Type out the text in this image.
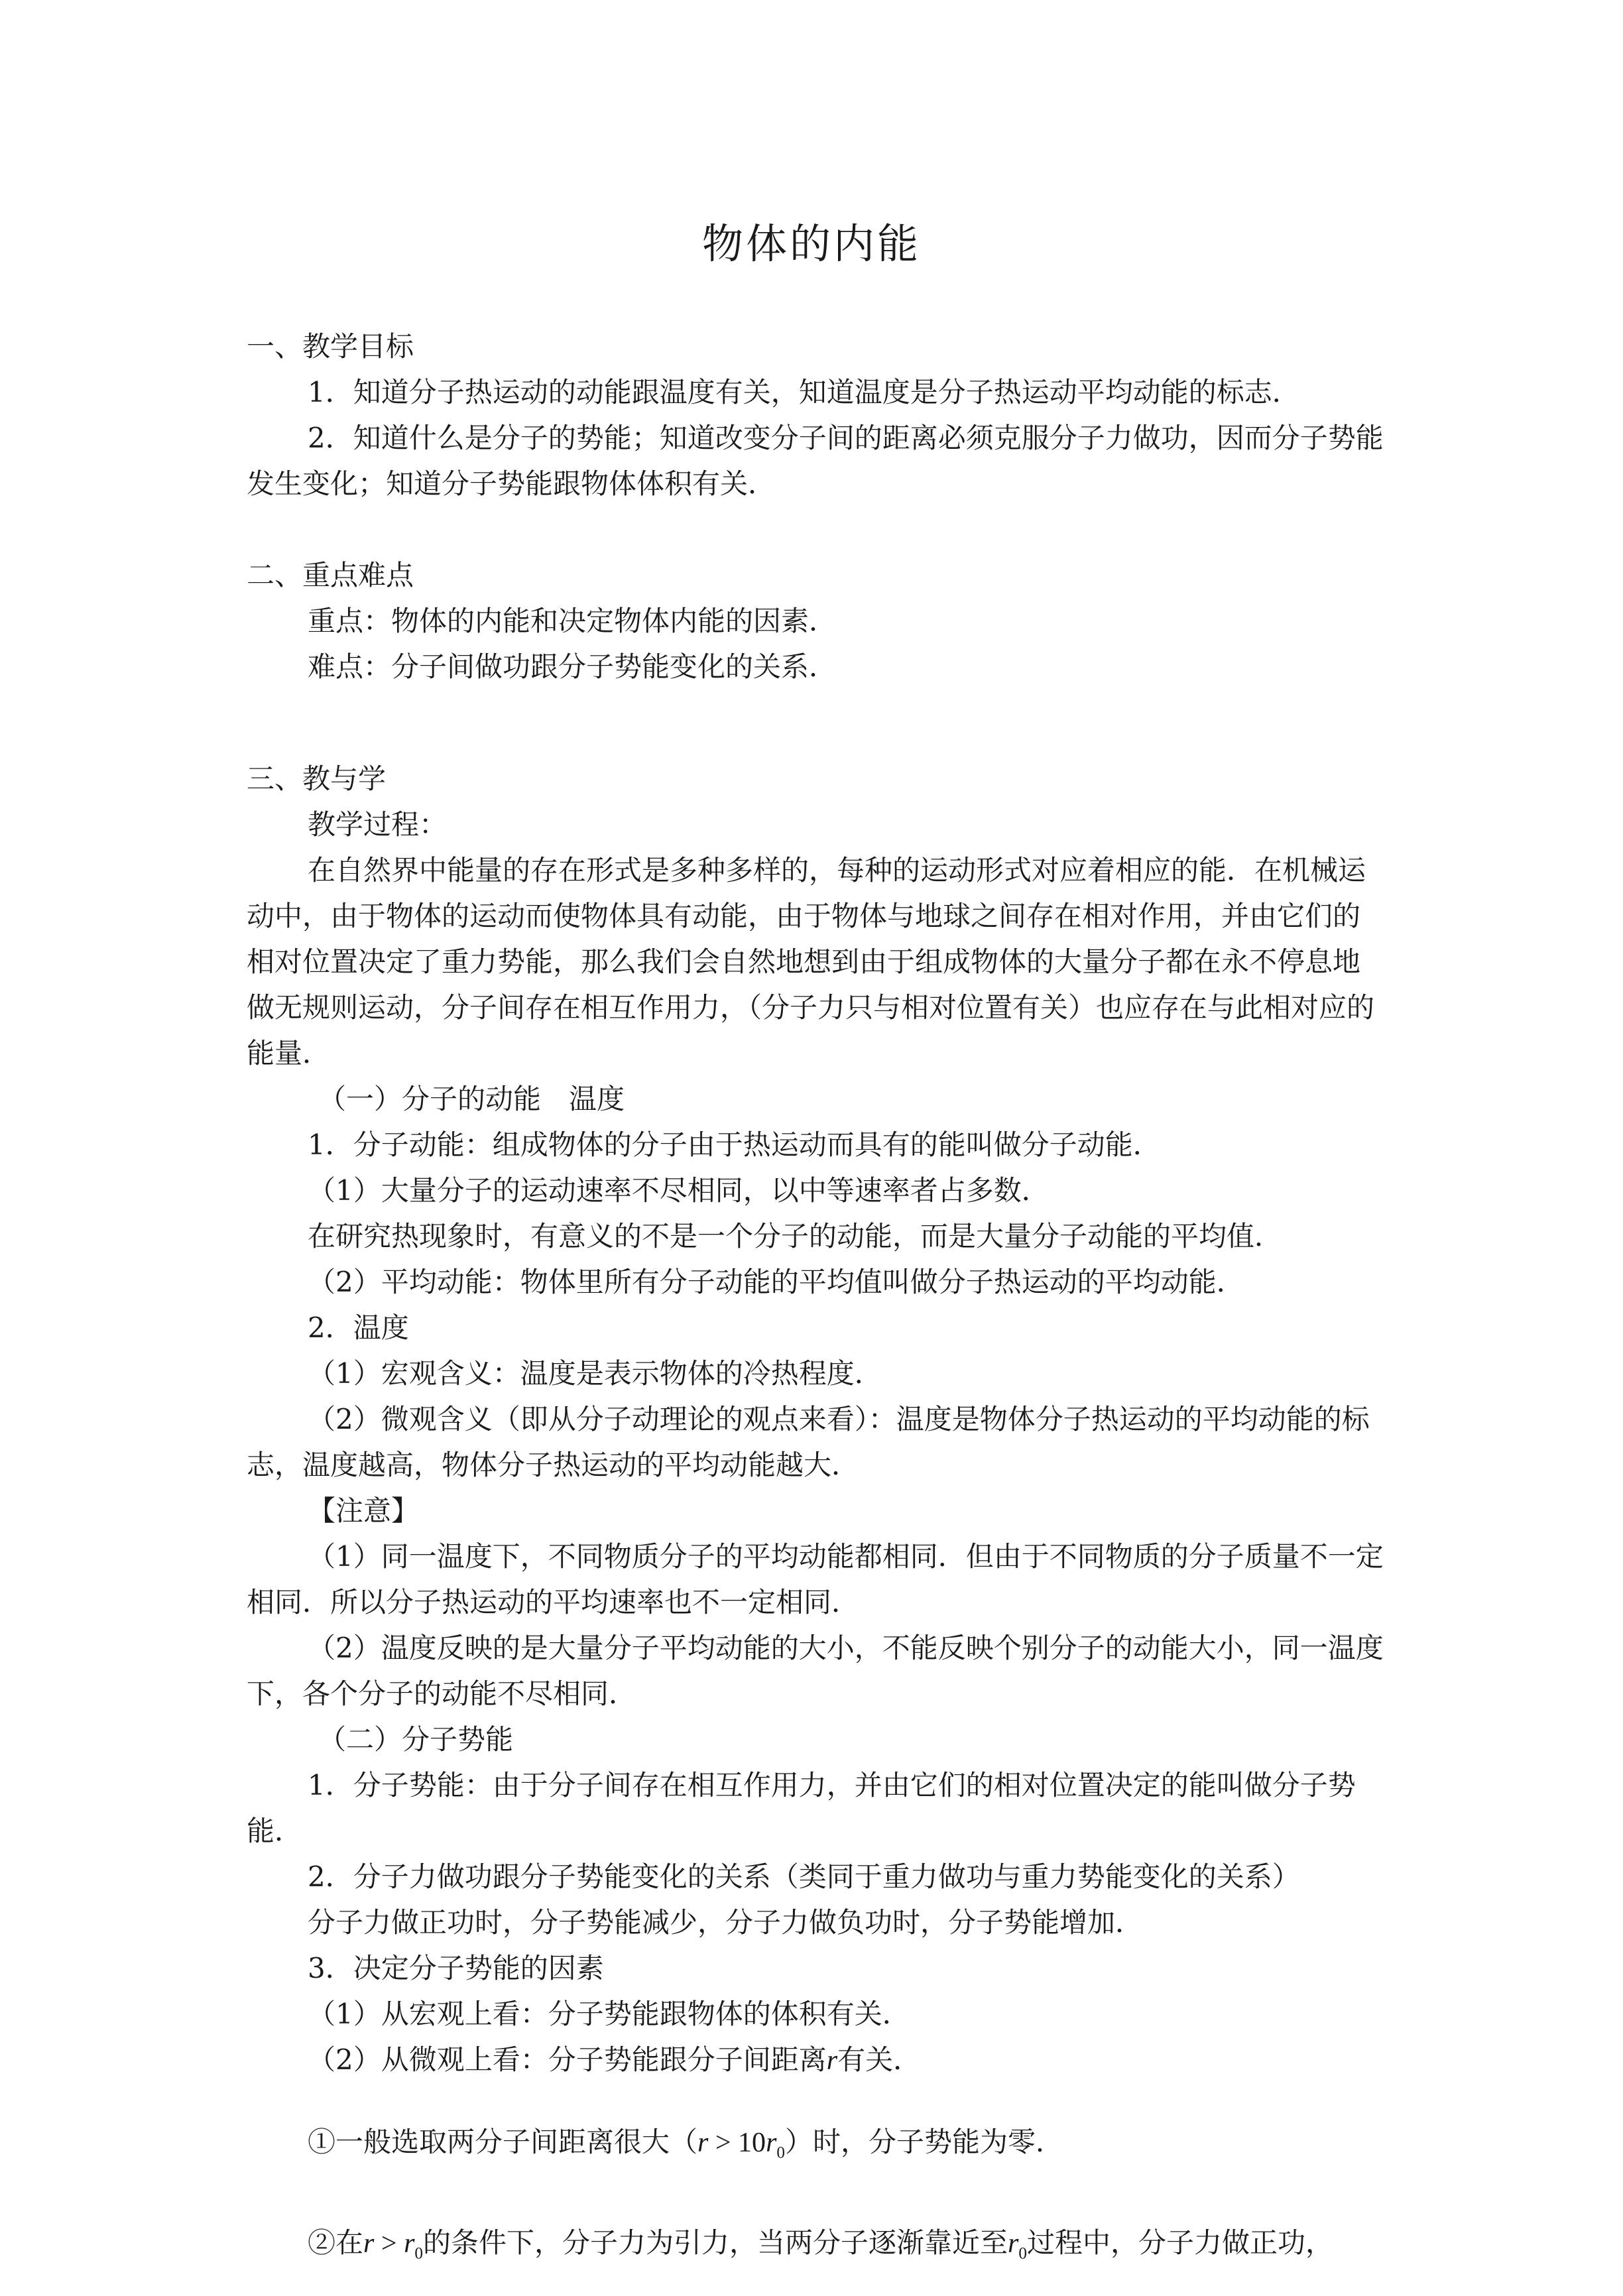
物体的内能

一、教学目标

1．知道分子热运动的动能跟温度有关，知道温度是分子热运动平均动能的标志．

2．知道什么是分子的势能；知道改变分子间的距离必须克服分子力做功，因而分子势能发生变化；知道分子势能跟物体体积有关．

二、重点难点

重点：物体的内能和决定物体内能的因素．

难点：分子间做功跟分子势能变化的关系．

三、教与学

教学过程：

在自然界中能量的存在形式是多种多样的，每种的运动形式对应着相应的能．在机械运动中，由于物体的运动而使物体具有动能，由于物体与地球之间存在相对作用，并由它们的相对位置决定了重力势能，那么我们会自然地想到由于组成物体的大量分子都在永不停息地做无规则运动，分子间存在相互作用力，（分子力只与相对位置有关）也应存在与此相对应的能量．

（一）分子的动能　温度

1．分子动能：组成物体的分子由于热运动而具有的能叫做分子动能．

（1）大量分子的运动速率不尽相同，以中等速率者占多数．

在研究热现象时，有意义的不是一个分子的动能，而是大量分子动能的平均值．

（2）平均动能：物体里所有分子动能的平均值叫做分子热运动的平均动能．

2．温度

（1）宏观含义：温度是表示物体的冷热程度．

（2）微观含义（即从分子动理论的观点来看）：温度是物体分子热运动的平均动能的标志，温度越高，物体分子热运动的平均动能越大．

【注意】

（1）同一温度下，不同物质分子的平均动能都相同．但由于不同物质的分子质量不一定相同．所以分子热运动的平均速率也不一定相同．

（2）温度反映的是大量分子平均动能的大小，不能反映个别分子的动能大小，同一温度下，各个分子的动能不尽相同．

（二）分子势能

1．分子势能：由于分子间存在相互作用力，并由它们的相对位置决定的能叫做分子势能．

2．分子力做功跟分子势能变化的关系（类同于重力做功与重力势能变化的关系）

分子力做正功时，分子势能减少，分子力做负功时，分子势能增加．

3．决定分子势能的因素

（1）从宏观上看：分子势能跟物体的体积有关．

（2）从微观上看：分子势能跟分子间距离r有关．

①一般选取两分子间距离很大$(r > 10r_0)$时，分子势能为零．

②在$r > r_0$的条件下，分子力为引力，当两分子逐渐靠近至$r_0$过程中，分子力做正功，
